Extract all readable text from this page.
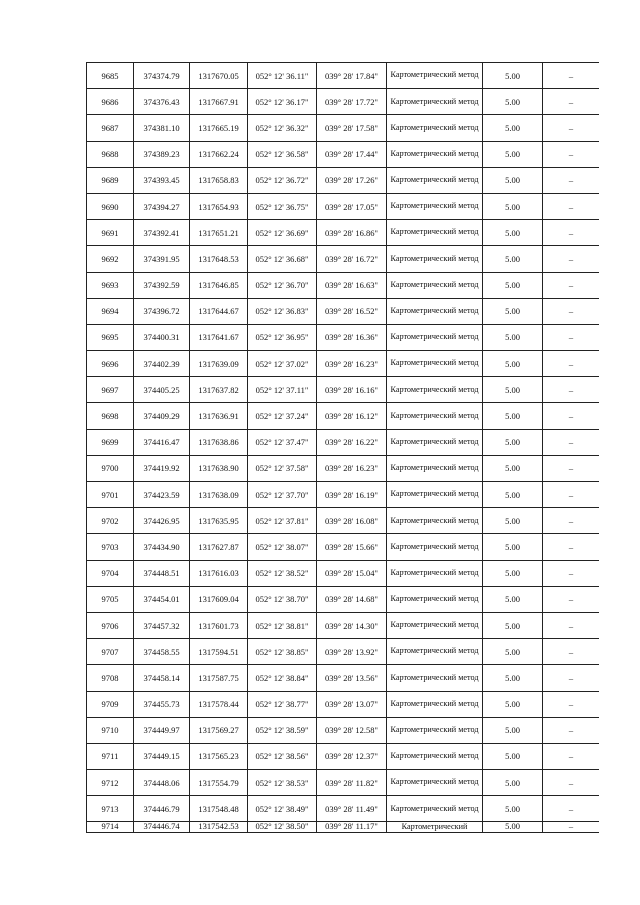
9685	374374.79	1317670.05	052° 12' 36.11"	039° 28' 17.84"	Картометрический метод	5.00	–
9686	374376.43	1317667.91	052° 12' 36.17"	039° 28' 17.72"	Картометрический метод	5.00	–
9687	374381.10	1317665.19	052° 12' 36.32"	039° 28' 17.58"	Картометрический метод	5.00	–
9688	374389.23	1317662.24	052° 12' 36.58"	039° 28' 17.44"	Картометрический метод	5.00	–
9689	374393.45	1317658.83	052° 12' 36.72"	039° 28' 17.26"	Картометрический метод	5.00	–
9690	374394.27	1317654.93	052° 12' 36.75"	039° 28' 17.05"	Картометрический метод	5.00	–
9691	374392.41	1317651.21	052° 12' 36.69"	039° 28' 16.86"	Картометрический метод	5.00	–
9692	374391.95	1317648.53	052° 12' 36.68"	039° 28' 16.72"	Картометрический метод	5.00	–
9693	374392.59	1317646.85	052° 12' 36.70"	039° 28' 16.63"	Картометрический метод	5.00	–
9694	374396.72	1317644.67	052° 12' 36.83"	039° 28' 16.52"	Картометрический метод	5.00	–
9695	374400.31	1317641.67	052° 12' 36.95"	039° 28' 16.36"	Картометрический метод	5.00	–
9696	374402.39	1317639.09	052° 12' 37.02"	039° 28' 16.23"	Картометрический метод	5.00	–
9697	374405.25	1317637.82	052° 12' 37.11"	039° 28' 16.16"	Картометрический метод	5.00	–
9698	374409.29	1317636.91	052° 12' 37.24"	039° 28' 16.12"	Картометрический метод	5.00	–
9699	374416.47	1317638.86	052° 12' 37.47"	039° 28' 16.22"	Картометрический метод	5.00	–
9700	374419.92	1317638.90	052° 12' 37.58"	039° 28' 16.23"	Картометрический метод	5.00	–
9701	374423.59	1317638.09	052° 12' 37.70"	039° 28' 16.19"	Картометрический метод	5.00	–
9702	374426.95	1317635.95	052° 12' 37.81"	039° 28' 16.08"	Картометрический метод	5.00	–
9703	374434.90	1317627.87	052° 12' 38.07"	039° 28' 15.66"	Картометрический метод	5.00	–
9704	374448.51	1317616.03	052° 12' 38.52"	039° 28' 15.04"	Картометрический метод	5.00	–
9705	374454.01	1317609.04	052° 12' 38.70"	039° 28' 14.68"	Картометрический метод	5.00	–
9706	374457.32	1317601.73	052° 12' 38.81"	039° 28' 14.30"	Картометрический метод	5.00	–
9707	374458.55	1317594.51	052° 12' 38.85"	039° 28' 13.92"	Картометрический метод	5.00	–
9708	374458.14	1317587.75	052° 12' 38.84"	039° 28' 13.56"	Картометрический метод	5.00	–
9709	374455.73	1317578.44	052° 12' 38.77"	039° 28' 13.07"	Картометрический метод	5.00	–
9710	374449.97	1317569.27	052° 12' 38.59"	039° 28' 12.58"	Картометрический метод	5.00	–
9711	374449.15	1317565.23	052° 12' 38.56"	039° 28' 12.37"	Картометрический метод	5.00	–
9712	374448.06	1317554.79	052° 12' 38.53"	039° 28' 11.82"	Картометрический метод	5.00	–
9713	374446.79	1317548.48	052° 12' 38.49"	039° 28' 11.49"	Картометрический метод	5.00	–
9714	374446.74	1317542.53	052° 12' 38.50"	039° 28' 11.17"	Картометрический	5.00	–
